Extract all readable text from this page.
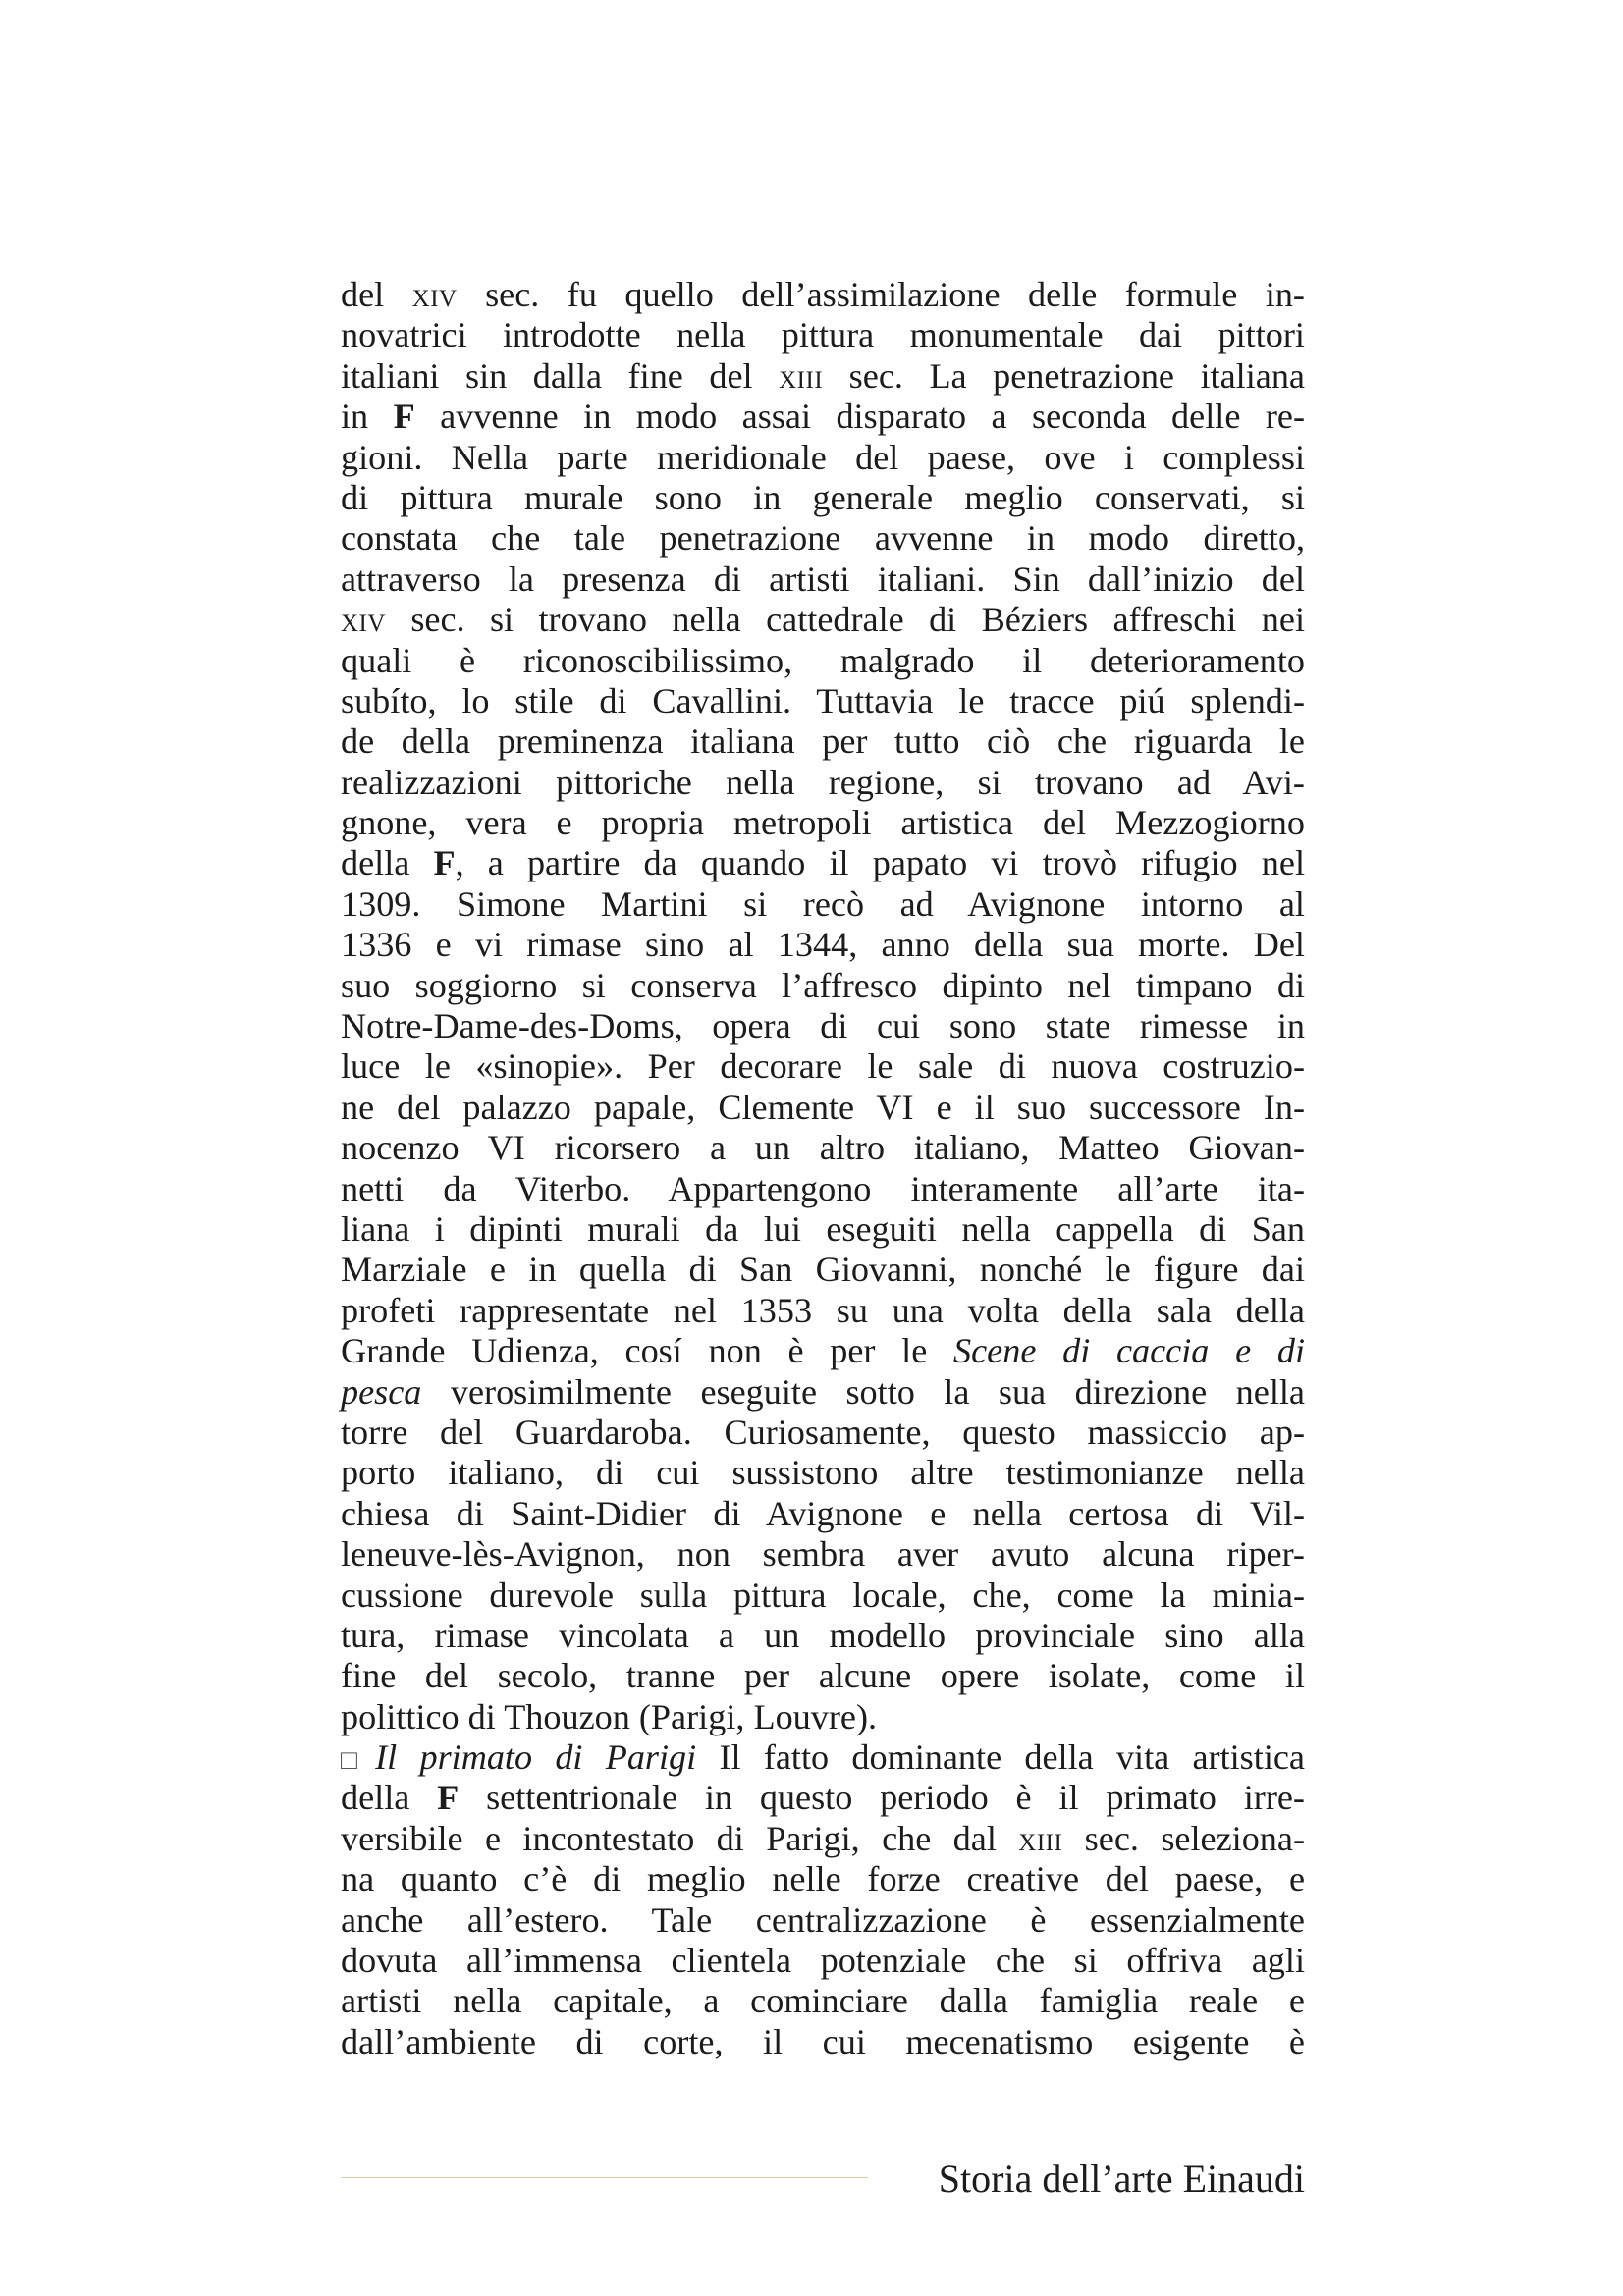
del xiv sec. fu quello dell’assimilazione delle formule in-
novatrici introdotte nella pittura monumentale dai pittori
italiani sin dalla fine del xiii sec. La penetrazione italiana
in F avvenne in modo assai disparato a seconda delle re-
gioni. Nella parte meridionale del paese, ove i complessi
di pittura murale sono in generale meglio conservati, si
constata che tale penetrazione avvenne in modo diretto,
attraverso la presenza di artisti italiani. Sin dall’inizio del
xiv sec. si trovano nella cattedrale di Béziers affreschi nei
quali è riconoscibilissimo, malgrado il deterioramento
subíto, lo stile di Cavallini. Tuttavia le tracce piú splendi-
de della preminenza italiana per tutto ciò che riguarda le
realizzazioni pittoriche nella regione, si trovano ad Avi-
gnone, vera e propria metropoli artistica del Mezzogiorno
della F, a partire da quando il papato vi trovò rifugio nel
1309. Simone Martini si recò ad Avignone intorno al
1336 e vi rimase sino al 1344, anno della sua morte. Del
suo soggiorno si conserva l’affresco dipinto nel timpano di
Notre-Dame-des-Doms, opera di cui sono state rimesse in
luce le «sinopie». Per decorare le sale di nuova costruzio-
ne del palazzo papale, Clemente VI e il suo successore In-
nocenzo VI ricorsero a un altro italiano, Matteo Giovan-
netti da Viterbo. Appartengono interamente all’arte ita-
liana i dipinti murali da lui eseguiti nella cappella di San
Marziale e in quella di San Giovanni, nonché le figure dai
profeti rappresentate nel 1353 su una volta della sala della
Grande Udienza, cosí non è per le Scene di caccia e di
pesca verosimilmente eseguite sotto la sua direzione nella
torre del Guardaroba. Curiosamente, questo massiccio ap-
porto italiano, di cui sussistono altre testimonianze nella
chiesa di Saint-Didier di Avignone e nella certosa di Vil-
leneuve-lès-Avignon, non sembra aver avuto alcuna riper-
cussione durevole sulla pittura locale, che, come la minia-
tura, rimase vincolata a un modello provinciale sino alla
fine del secolo, tranne per alcune opere isolate, come il
polittico di Thouzon (Parigi, Louvre).
□ Il primato di Parigi Il fatto dominante della vita artistica
della F settentrionale in questo periodo è il primato irre-
versibile e incontestato di Parigi, che dal xiii sec. seleziona-
na quanto c’è di meglio nelle forze creative del paese, e
anche all’estero. Tale centralizzazione è essenzialmente
dovuta all’immensa clientela potenziale che si offriva agli
artisti nella capitale, a cominciare dalla famiglia reale e
dall’ambiente di corte, il cui mecenatismo esigente è
Storia dell’arte Einaudi
